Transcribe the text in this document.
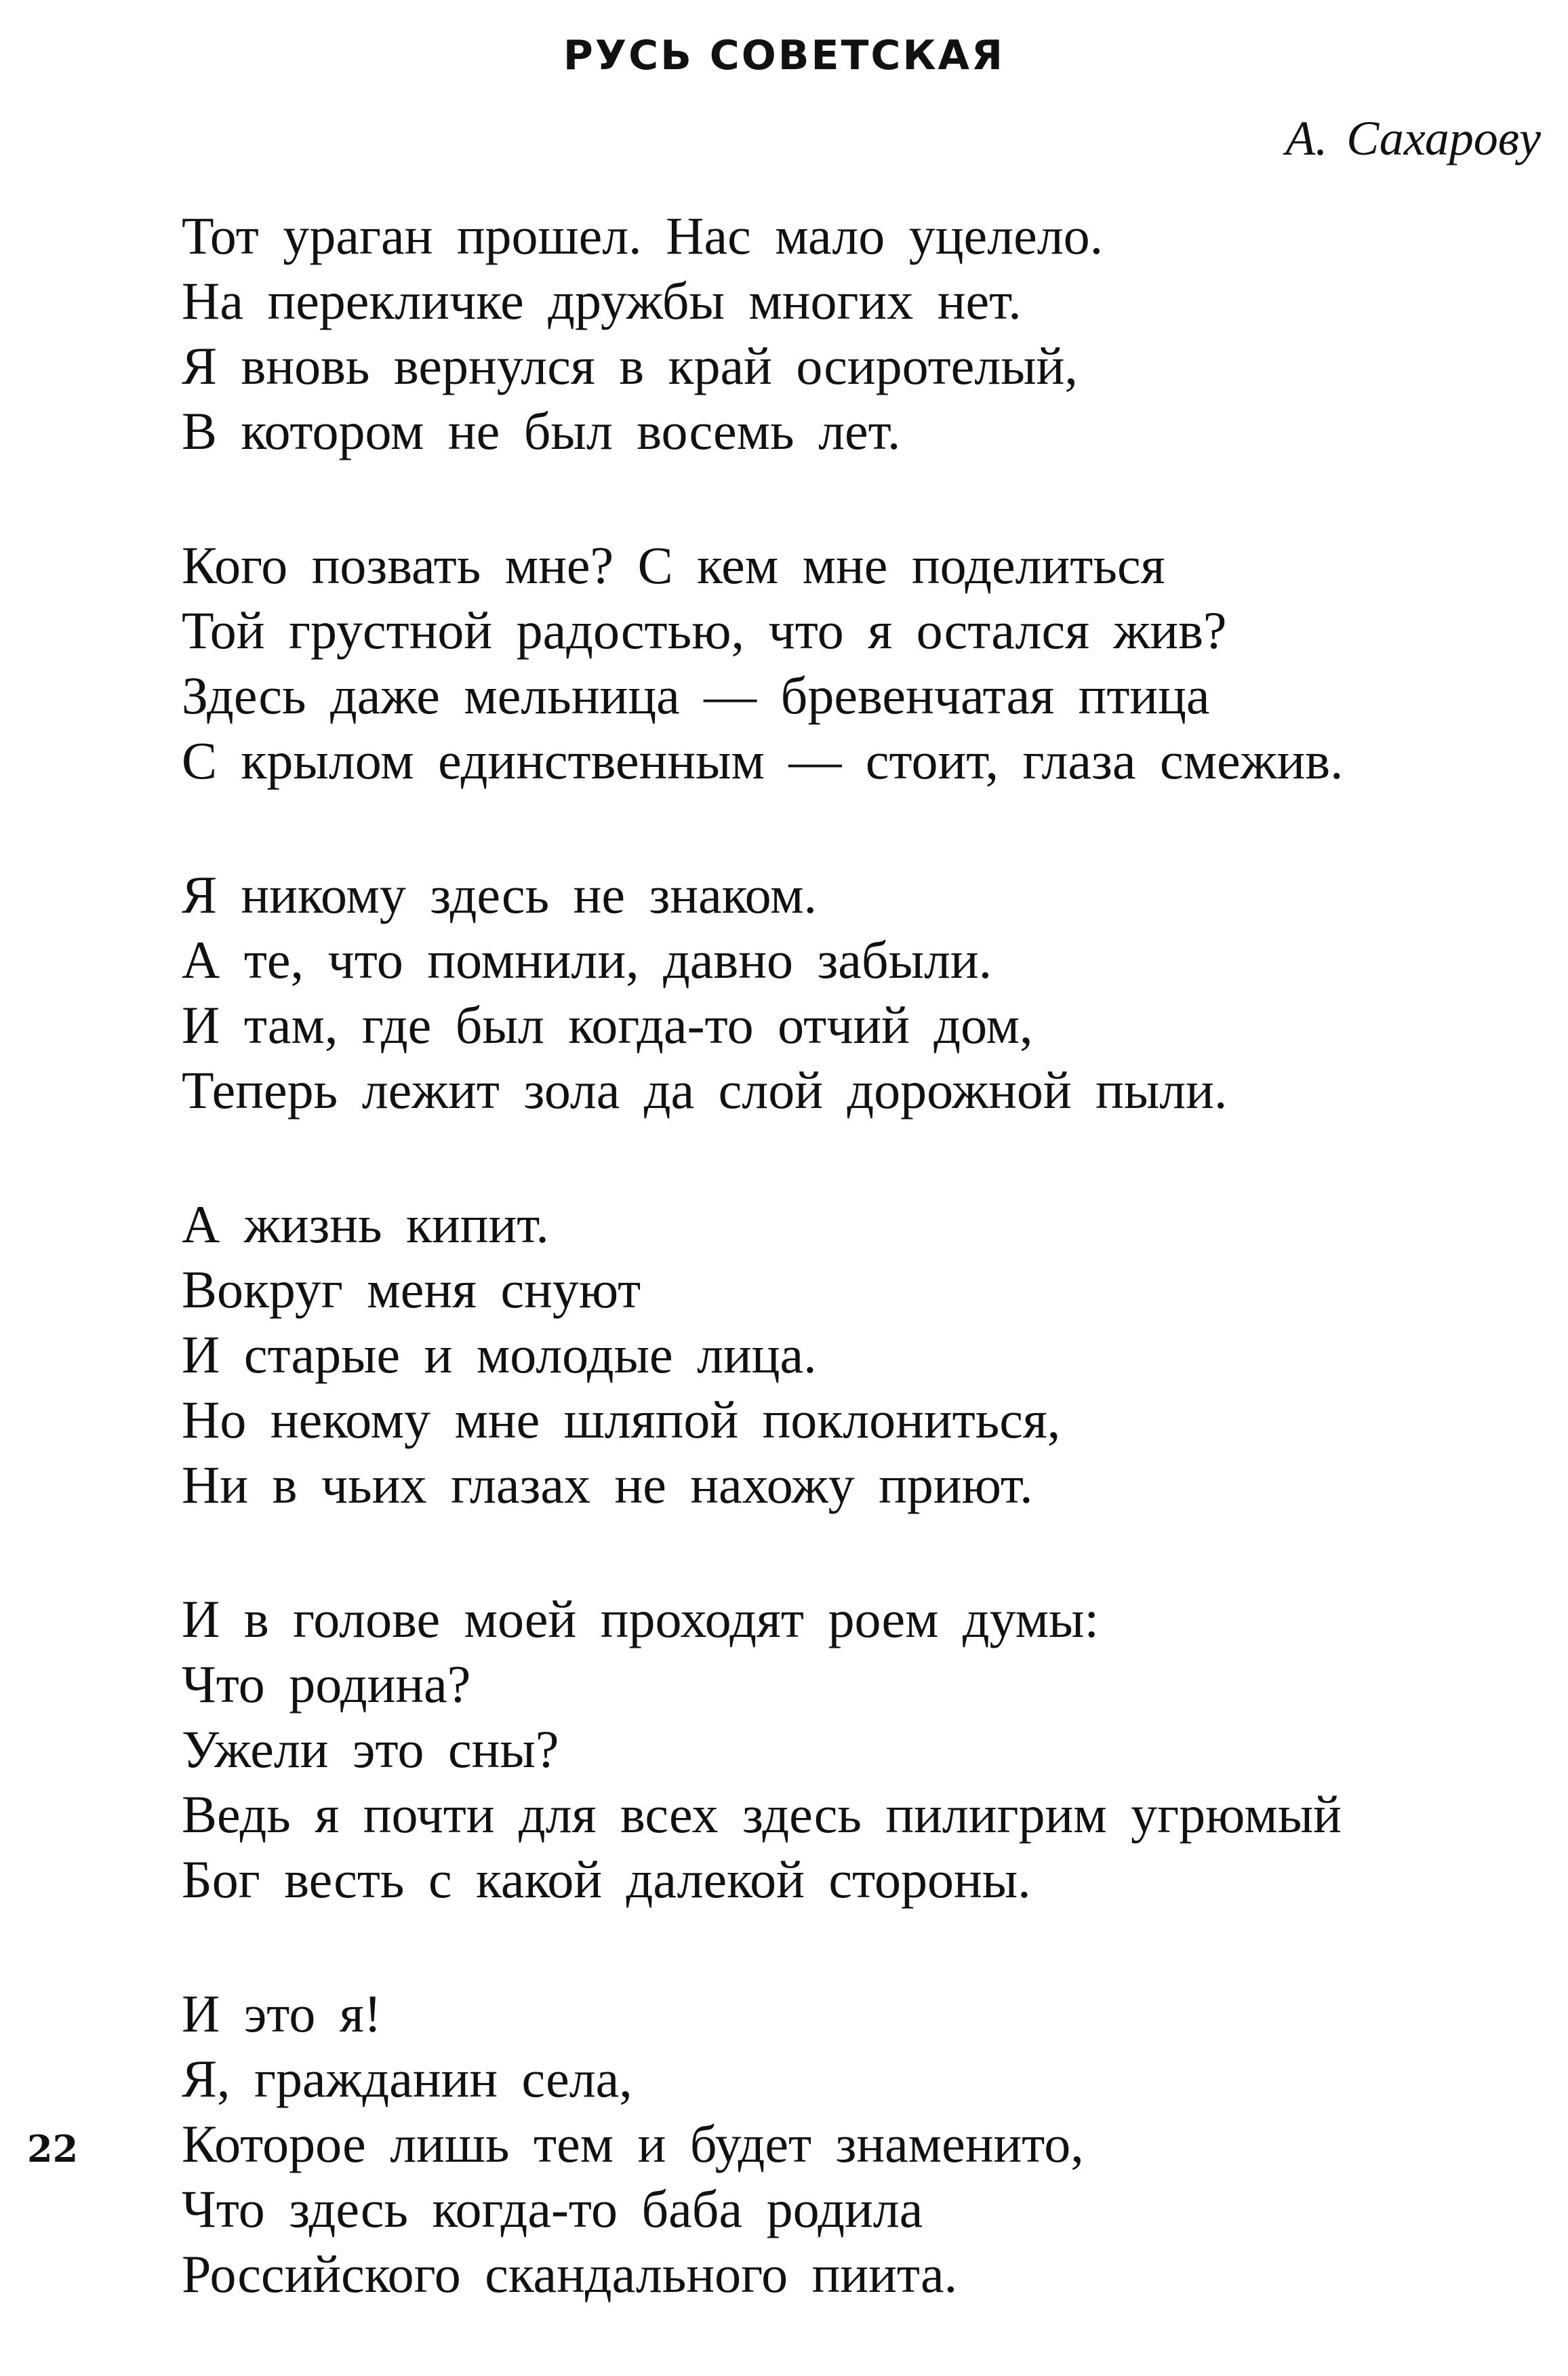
РУСЬ СОВЕТСКАЯ
А. Сахарову
Тот ураган прошел. Нас мало уцелело.
На перекличке дружбы многих нет.
Я вновь вернулся в край осиротелый,
В котором не был восемь лет.
Кого позвать мне? С кем мне поделиться
Той грустной радостью, что я остался жив?
Здесь даже мельница — бревенчатая птица
С крылом единственным — стоит, глаза смежив.
Я никому здесь не знаком.
А те, что помнили, давно забыли.
И там, где был когда-то отчий дом,
Теперь лежит зола да слой дорожной пыли.
А жизнь кипит.
Вокруг меня снуют
И старые и молодые лица.
Но некому мне шляпой поклониться,
Ни в чьих глазах не нахожу приют.
И в голове моей проходят роем думы:
Что родина?
Ужели это сны?
Ведь я почти для всех здесь пилигрим угрюмый
Бог весть с какой далекой стороны.
И это я!
Я, гражданин села,
Которое лишь тем и будет знаменито,
Что здесь когда-то баба родила
Российского скандального пиита.
22
